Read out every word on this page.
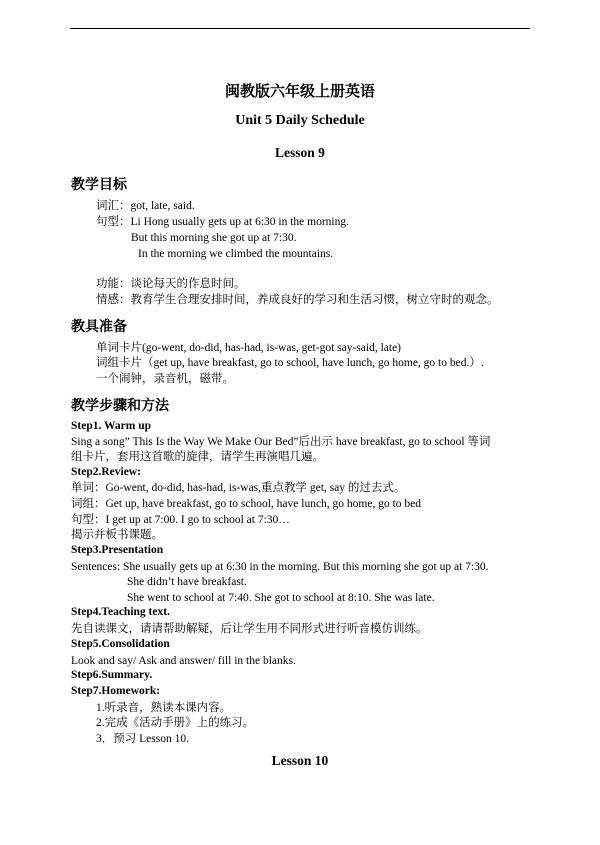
闽教版六年级上册英语
Unit 5 Daily Schedule
Lesson 9
教学目标
词汇：got, late, said.
句型：Li Hong usually gets up at 6:30 in the morning.
But this morning she got up at 7:30.
In the morning we climbed the mountains.
功能：谈论每天的作息时间。
情感：教育学生合理安排时间，养成良好的学习和生活习惯，树立守时的观念。
教具准备
单词卡片(go-went, do-did, has-had, is-was, get-got say-said, late)
词组卡片（get up, have breakfast, go to school, have lunch, go home, go to bed.）.
一个闹钟，录音机，磁带。
教学步骤和方法
Step1. Warm up
Sing a song” This Is the Way We Make Our Bed”后出示 have breakfast, go to school 等词
组卡片，套用这首歌的旋律，请学生再演唱几遍。
Step2.Review:
单词：Go-went, do-did, has-had, is-was,重点教学 get, say 的过去式。
词组：Get up, have breakfast, go to school, have lunch, go home, go to bed
句型：I get up at 7:00. I go to school at 7:30…
揭示并板书课题。
Step3.Presentation
Sentences: She usually gets up at 6:30 in the morning. But this morning she got up at 7:30.
She didn’t have breakfast.
She went to school at 7:40. She got to school at 8:10. She was late.
Step4.Teaching text.
先自读课文，请请帮助解疑，后让学生用不同形式进行听音模仿训练。
Step5.Consolidation
Look and say/ Ask and answer/ fill in the blanks.
Step6.Summary.
Step7.Homework:
1.听录音，熟读本课内容。
2.完成《活动手册》上的练习。
3．预习 Lesson 10.
Lesson 10
